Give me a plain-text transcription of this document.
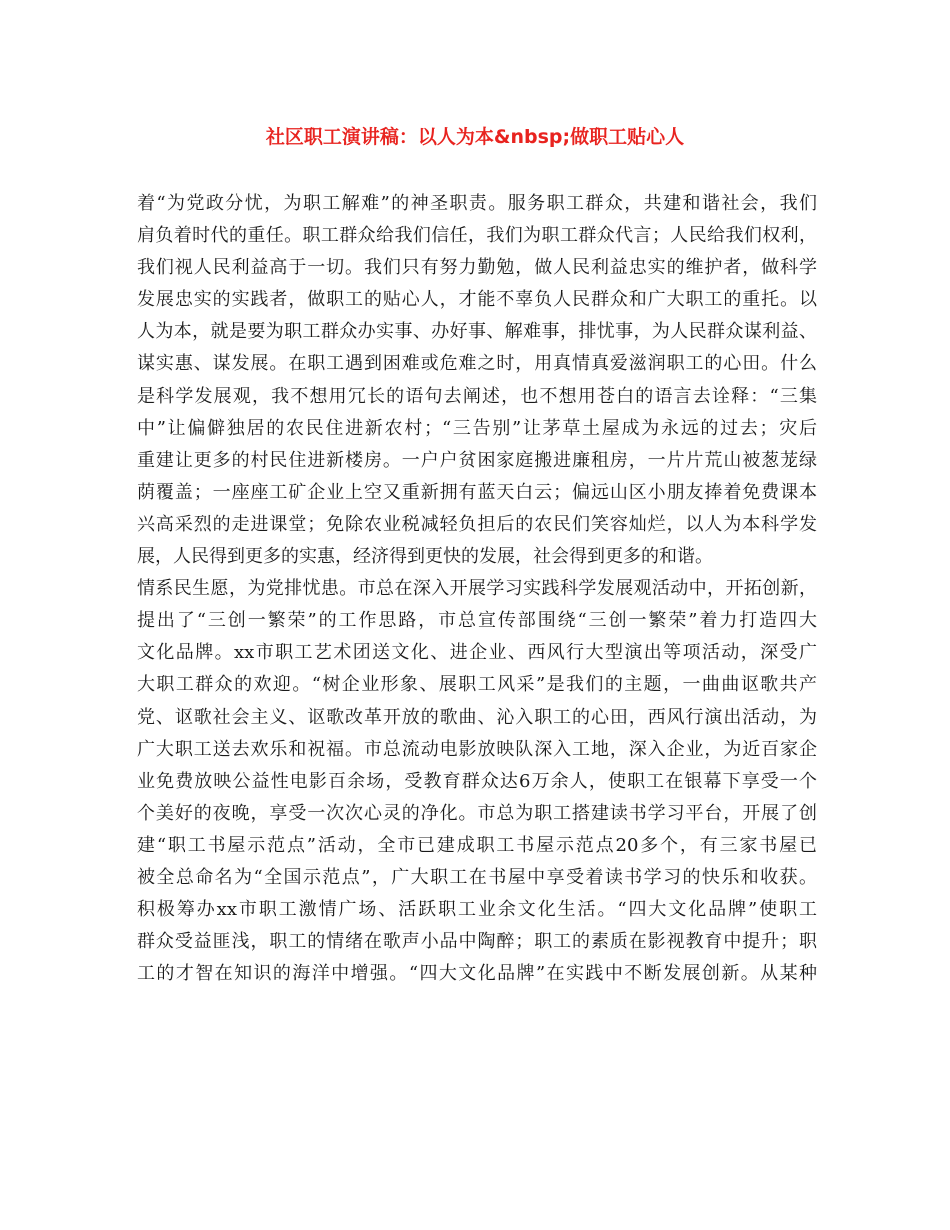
社区职工演讲稿：以人为本&nbsp;做职工贴心人
着“为党政分忧，为职工解难”的神圣职责。服务职工群众，共建和谐社会，我们
肩负着时代的重任。职工群众给我们信任，我们为职工群众代言；人民给我们权利，
我们视人民利益高于一切。我们只有努力勤勉，做人民利益忠实的维护者，做科学
发展忠实的实践者，做职工的贴心人，才能不辜负人民群众和广大职工的重托。以
人为本，就是要为职工群众办实事、办好事、解难事，排忧事，为人民群众谋利益、
谋实惠、谋发展。在职工遇到困难或危难之时，用真情真爱滋润职工的心田。什么
是科学发展观，我不想用冗长的语句去阐述，也不想用苍白的语言去诠释：“三集
中”让偏僻独居的农民住进新农村；“三告别”让茅草土屋成为永远的过去；灾后
重建让更多的村民住进新楼房。一户户贫困家庭搬进廉租房，一片片荒山被葱茏绿
荫覆盖；一座座工矿企业上空又重新拥有蓝天白云；偏远山区小朋友捧着免费课本
兴高采烈的走进课堂；免除农业税减轻负担后的农民们笑容灿烂，以人为本科学发
展，人民得到更多的实惠，经济得到更快的发展，社会得到更多的和谐。
情系民生愿，为党排忧患。市总在深入开展学习实践科学发展观活动中，开拓创新，
提出了“三创一繁荣”的工作思路，市总宣传部围绕“三创一繁荣”着力打造四大
文化品牌。xx市职工艺术团送文化、进企业、西风行大型演出等项活动，深受广
大职工群众的欢迎。“树企业形象、展职工风采”是我们的主题，一曲曲讴歌共产
党、讴歌社会主义、讴歌改革开放的歌曲、沁入职工的心田，西风行演出活动，为
广大职工送去欢乐和祝福。市总流动电影放映队深入工地，深入企业，为近百家企
业免费放映公益性电影百余场，受教育群众达6万余人，使职工在银幕下享受一个
个美好的夜晚，享受一次次心灵的净化。市总为职工搭建读书学习平台，开展了创
建“职工书屋示范点”活动，全市已建成职工书屋示范点20多个，有三家书屋已
被全总命名为“全国示范点”，广大职工在书屋中享受着读书学习的快乐和收获。
积极筹办xx市职工激情广场、活跃职工业余文化生活。“四大文化品牌”使职工
群众受益匪浅，职工的情绪在歌声小品中陶醉；职工的素质在影视教育中提升；职
工的才智在知识的海洋中增强。“四大文化品牌”在实践中不断发展创新。从某种
